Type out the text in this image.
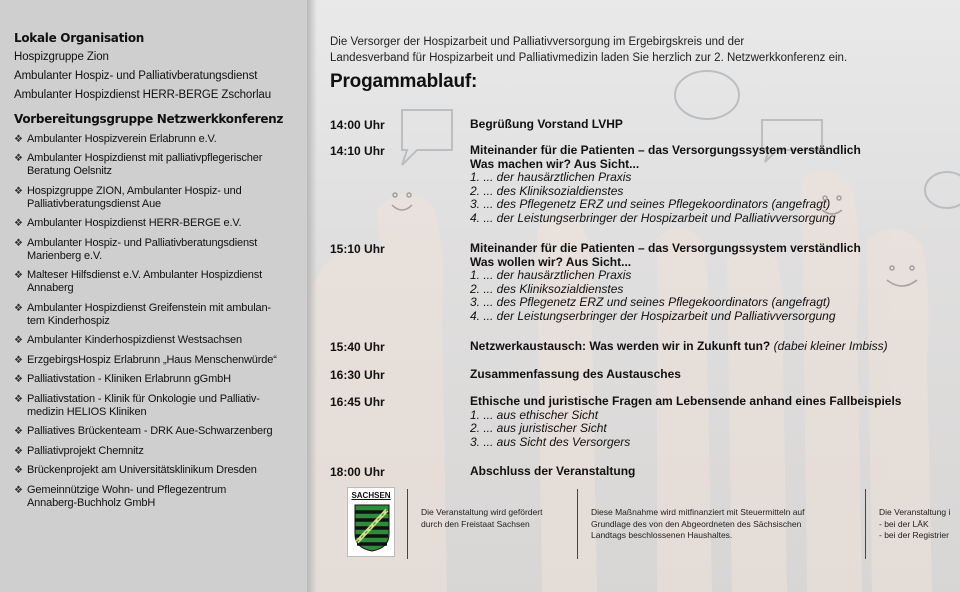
Lokale Organisation
Hospizgruppe Zion
Ambulanter Hospiz- und Palliativberatungsdienst
Ambulanter Hospizdienst HERR-BERGE Zschorlau
Vorbereitungsgruppe Netzwerkkonferenz
❖ Ambulanter Hospizverein Erlabrunn e.V.
❖ Ambulanter Hospizdienst mit palliativpflegerischer
Beratung Oelsnitz
❖ Hospizgruppe ZION, Ambulanter Hospiz- und
Palliativberatungsdienst Aue
❖ Ambulanter Hospizdienst HERR-BERGE e.V.
❖ Ambulanter Hospiz- und Palliativberatungsdienst
Marienberg e.V.
❖ Malteser Hilfsdienst e.V. Ambulanter Hospizdienst
Annaberg
❖ Ambulanter Hospizdienst Greifenstein mit ambulan-
tem Kinderhospiz
❖ Ambulanter Kinderhospizdienst Westsachsen
❖ ErzgebirgsHospiz Erlabrunn „Haus Menschenwürde“
❖ Palliativstation - Kliniken Erlabrunn gGmbH
❖ Palliativstation - Klinik für Onkologie und Palliativ-
medizin HELIOS Kliniken
❖ Palliatives Brückenteam - DRK Aue-Schwarzenberg
❖ Palliativprojekt Chemnitz
❖ Brückenprojekt am Universitätsklinikum Dresden
❖ Gemeinnützige Wohn- und Pflegezentrum
Annaberg-Buchholz GmbH
Die Versorger der Hospizarbeit und Palliativversorgung im Ergebirgskreis und der
Landesverband für Hospizarbeit und Palliativmedizin laden Sie herzlich zur 2. Netzwerkkonferenz ein.
Progammablauf:
14:00 Uhr	Begrüßung Vorstand LVHP
14:10 Uhr	Miteinander für die Patienten – das Versorgungssystem verständlich
Was machen wir? Aus Sicht...
1. ... der hausärztlichen Praxis
2. ... des Kliniksozialdienstes
3. ... des Pflegenetz ERZ und seines Pflegekoordinators (angefragt)
4. ... der Leistungserbringer der Hospizarbeit und Palliativversorgung
15:10 Uhr	Miteinander für die Patienten – das Versorgungssystem verständlich
Was wollen wir? Aus Sicht...
1. ... der hausärztlichen Praxis
2. ... des Kliniksozialdienstes
3. ... des Pflegenetz ERZ und seines Pflegekoordinators (angefragt)
4. ... der Leistungserbringer der Hospizarbeit und Palliativversorgung
15:40 Uhr	Netzwerkaustausch: Was werden wir in Zukunft tun? (dabei kleiner Imbiss)
16:30 Uhr	Zusammenfassung des Austausches
16:45 Uhr	Ethische und juristische Fragen am Lebensende anhand eines Fallbeispiels
1. ... aus ethischer Sicht
2. ... aus juristischer Sicht
3. ... aus Sicht des Versorgers
18:00 Uhr	Abschluss der Veranstaltung
SACHSEN
Die Veranstaltung wird gefördert
durch den Freistaat Sachsen
Diese Maßnahme wird mitfinanziert mit Steuermitteln auf
Grundlage des von den Abgeordneten des Sächsischen
Landtags beschlossenen Haushaltes.
Die Veranstaltung i
- bei der LÄK
- bei der Registrier
